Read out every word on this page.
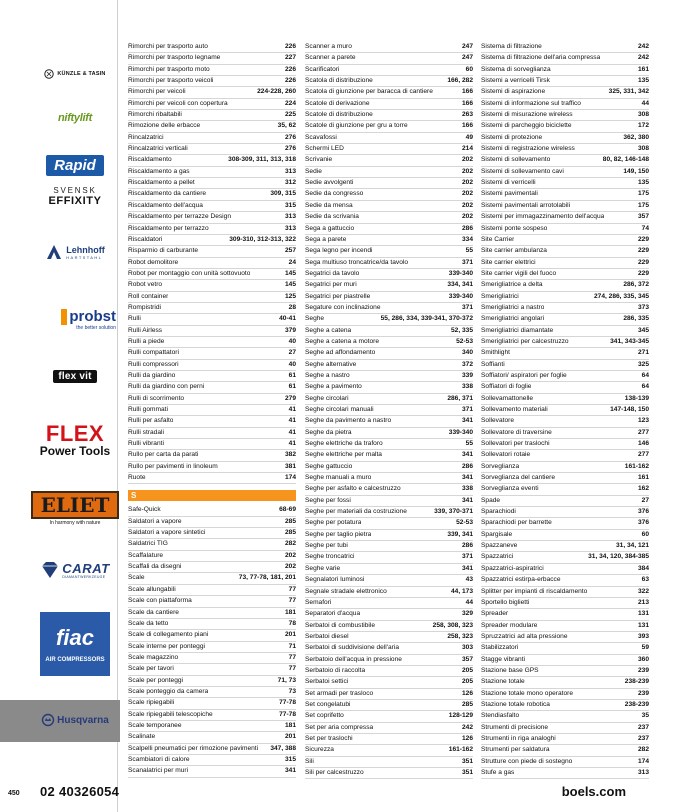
KÜNZLE & TASIN
niftylift
Rapid
SVENSK
EFFIXITY
Lehnhoff
HARTSTAHL
probst
the better solution
flex vit
FLEX
Power Tools
ELIET
In harmony with nature
CARAT
DIAMANTWERKZEUGE
fiac
AIR COMPRESSORS
Husqvarna
Rimorchi per trasporto auto	226
Rimorchi per trasporto legname	227
Rimorchi per trasporto moto	226
Rimorchi per trasporto veicoli	226
Rimorchi per veicoli	224-228, 260
Rimorchi per veicoli con copertura	224
Rimorchi ribaltabili	225
Rimozione delle erbacce	35, 62
Rincalzatrici	276
Rincalzatrici verticali	276
Riscaldamento	308-309, 311, 313, 318
Riscaldamento a gas	313
Riscaldamento a pellet	312
Riscaldamento da cantiere	309, 315
Riscaldamento dell'acqua	315
Riscaldamento per terrazze Design	313
Riscaldamento per terrazzo	313
Riscaldatori	309-310, 312-313, 322
Risparmio di carburante	257
Robot demolitore	24
Robot per montaggio con unità sottovuoto	145
Robot vetro	145
Roll container	125
Rompistridi	28
Rulli	40-41
Rulli Airless	379
Rulli a piede	40
Rulli compattatori	27
Rulli compressori	40
Rulli da giardino	61
Rulli da giardino con perni	61
Rulli di scorrimento	279
Rulli gommati	41
Rulli per asfalto	41
Rulli stradali	41
Rulli vibranti	41
Rullo per carta da parati	382
Rullo per pavimenti in linoleum	381
Ruote	174
S
Safe-Quick	68-69
Saldatori a vapore	285
Saldatori a vapore sintetici	285
Saldatrici TIG	282
Scaffalature	202
Scaffali da disegni	202
Scale	73, 77-78, 181, 201
Scale allungabili	77
Scale con piattaforma	77
Scale da cantiere	181
Scale da tetto	78
Scale di collegamento piani	201
Scale interne per ponteggi	71
Scale magazzino	77
Scale per tavori	77
Scale per ponteggi	71, 73
Scale ponteggio da camera	73
Scale ripiegabili	77-78
Scale ripiegabili telescopiche	77-78
Scale temporanee	181
Scalinate	201
Scalpelli pneumatici per rimozione pavimenti	347, 388
Scambiatori di calore	315
Scanalatrici per muri	341
Scanner a muro	247
Scanner a parete	247
Scarificatori	60
Scatola di distribuzione	166, 282
Scatola di giunzione per baracca di cantiere	166
Scatole di derivazione	166
Scatole di distribuzione	263
Scatole di giunzione per gru a torre	166
Scavafossi	49
Schermi LED	214
Scrivanie	202
Sedie	202
Sedie avvolgenti	202
Sedie da congresso	202
Sedie da mensa	202
Sedie da scrivania	202
Sega a gattuccio	286
Sega a parete	334
Sega legno per incendi	55
Sega multiuso troncatrice/da tavolo	371
Segatrici da tavolo	339-340
Segatrici per muri	334, 341
Segatrici per piastrelle	339-340
Segature con inclinazione	371
Seghe	55, 286, 334, 339-341, 370-372
Seghe a catena	52, 335
Seghe a catena a motore	52-53
Seghe ad affondamento	340
Seghe alternative	372
Seghe a nastro	339
Seghe a pavimento	338
Seghe circolari	286, 371
Seghe circolari manuali	371
Seghe da pavimento a nastro	341
Seghe da pietra	339-340
Seghe elettriche da traforo	55
Seghe elettriche per malta	341
Seghe gattuccio	286
Seghe manuali a muro	341
Seghe per asfalto e calcestruzzo	338
Seghe per fossi	341
Seghe per materiali da costruzione	339, 370-371
Seghe per potatura	52-53
Seghe per taglio pietra	339, 341
Seghe per tubi	286
Seghe troncatrici	371
Seghe varie	341
Segnalatori luminosi	43
Segnale stradale elettronico	44, 173
Semafori	44
Separatori d'acqua	329
Serbatoi di combustibile	258, 308, 323
Serbatoi diesel	258, 323
Serbatoi di suddivisione dell'aria	303
Serbatoio dell'acqua in pressione	357
Serbatoio di raccolta	205
Serbatoi settici	205
Set armadi per trasloco	126
Set congelatubi	285
Set coprifetto	128-129
Set per aria compressa	242
Set per traslochi	126
Sicurezza	161-162
Sili	351
Sili per calcestruzzo	351
Sistema di filtrazione	242
Sistema di filtrazione dell'aria compressa	242
Sistema di sorveglianza	161
Sistemi a verricelli Tirsk	135
Sistemi di aspirazione	325, 331, 342
Sistemi di informazione sul traffico	44
Sistemi di misurazione wireless	308
Sistemi di parcheggio biciclette	172
Sistemi di protezione	362, 380
Sistemi di registrazione wireless	308
Sistemi di sollevamento	80, 82, 146-148
Sistemi di sollevamento cavi	149, 150
Sistemi di verricelli	135
Sistemi pavimentali	175
Sistemi pavimentali arrotolabili	175
Sistemi per immagazzinamento dell'acqua	357
Sistemi ponte sospeso	74
Site Carrier	229
Site carrier ambulanza	229
Site carrier elettrici	229
Site carrier vigili del fuoco	229
Smerigliatrice a delta	286, 372
Smerigliatrici	274, 286, 335, 345
Smerigliatrici a nastro	373
Smerigliatrici angolari	286, 335
Smerigliatrici diamantate	345
Smerigliatrici per calcestruzzo	341, 343-345
Smithlight	271
Soffianti	325
Soffiatori/ aspiratori per foglie	64
Soffiatori di foglie	64
Sollevamattonelle	138-139
Sollevamento materiali	147-148, 150
Sollevatore	123
Sollevatore di traversine	277
Sollevatori per traslochi	146
Sollevatori rotaie	277
Sorveglianza	161-162
Sorveglianza del cantiere	161
Sorveglianza eventi	162
Spade	27
Sparachiodi	376
Sparachiodi per barrette	376
Spargisale	60
Spazzaneve	31, 34, 121
Spazzatrici	31, 34, 120, 384-385
Spazzatrici-aspiratrici	384
Spazzatrici estirpa-erbacce	63
Splitter per impianti di riscaldamento	322
Sportello biglietti	213
Spreader	131
Spreader modulare	131
Spruzzatrici ad alta pressione	393
Stabilizzatori	59
Stagge vibranti	360
Stazione base GPS	239
Stazione totale	238-239
Stazione totale mono operatore	239
Stazione totale robotica	238-239
Stendiasfalto	35
Strumenti di precisione	237
Strumenti in riga analoghi	237
Strumenti per saldatura	282
Strutture con piede di sostegno	174
Stufe a gas	313
450 02 40326054	boels.com
